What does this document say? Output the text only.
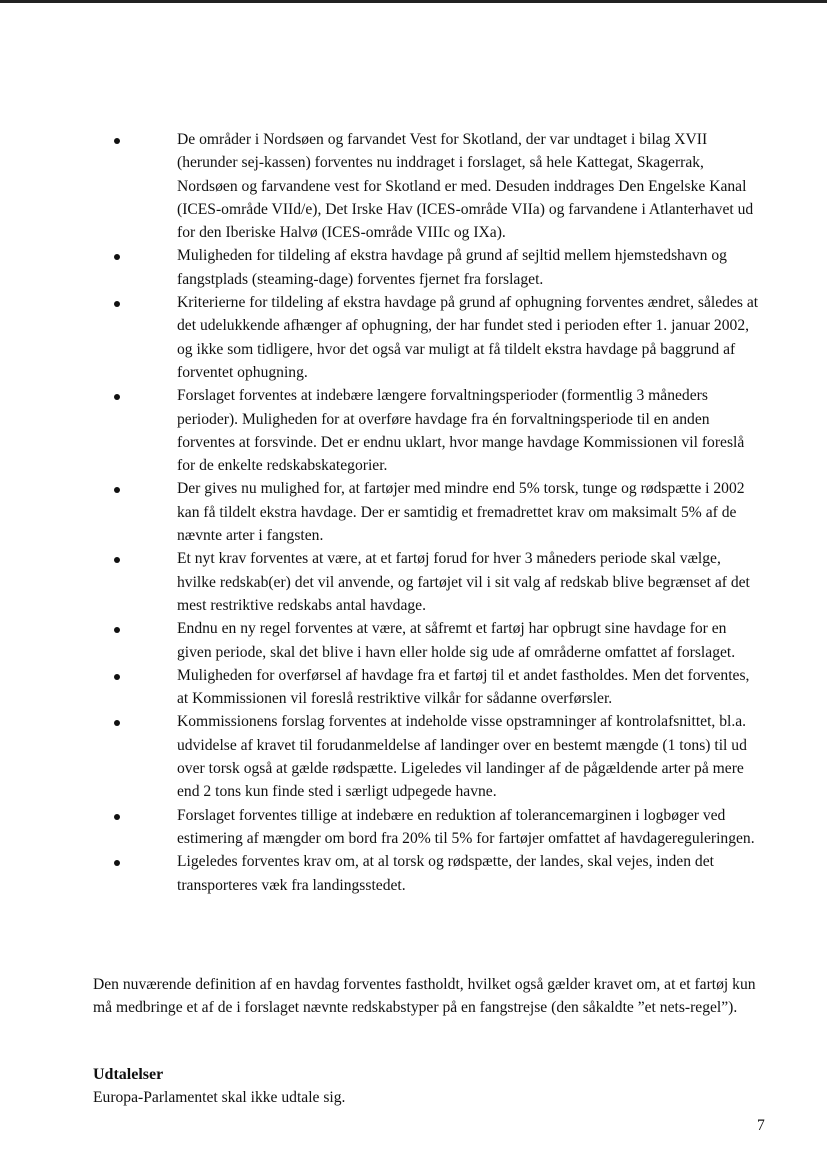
De områder i Nordsøen og farvandet Vest for Skotland, der var undtaget i bilag XVII (herunder sej-kassen) forventes nu inddraget i forslaget, så hele Kattegat, Skagerrak, Nordsøen og farvandene vest for Skotland er med. Desuden inddrages Den Engelske Kanal (ICES-område VIId/e), Det Irske Hav (ICES-område VIIa) og farvandene i Atlanterhavet ud for den Iberiske Halvø (ICES-område VIIIc og IXa).
Muligheden for tildeling af ekstra havdage på grund af sejltid mellem hjemstedshavn og fangstplads (steaming-dage) forventes fjernet fra forslaget.
Kriterierne for tildeling af ekstra havdage på grund af ophugning forventes ændret, således at det udelukkende afhænger af ophugning, der har fundet sted i perioden efter 1. januar 2002, og ikke som tidligere, hvor det også var muligt at få tildelt ekstra havdage på baggrund af forventet ophugning.
Forslaget forventes at indebære længere forvaltningsperioder (formentlig 3 måneders perioder). Muligheden for at overføre havdage fra én forvaltningsperiode til en anden forventes at forsvinde. Det er endnu uklart, hvor mange havdage Kommissionen vil foreslå for de enkelte redskabskategorier.
Der gives nu mulighed for, at fartøjer med mindre end 5% torsk, tunge og rødspætte i 2002 kan få tildelt ekstra havdage. Der er samtidig et fremadrettet krav om maksimalt 5% af de nævnte arter i fangsten.
Et nyt krav forventes at være, at et fartøj forud for hver 3 måneders periode skal vælge, hvilke redskab(er) det vil anvende, og fartøjet vil i sit valg af redskab blive begrænset af det mest restriktive redskabs antal havdage.
Endnu en ny regel forventes at være, at såfremt et fartøj har opbrugt sine havdage for en given periode, skal det blive i havn eller holde sig ude af områderne omfattet af forslaget.
Muligheden for overførsel af havdage fra et fartøj til et andet fastholdes. Men det forventes, at Kommissionen vil foreslå restriktive vilkår for sådanne overførsler.
Kommissionens forslag forventes at indeholde visse opstramninger af kontrolafsnittet, bl.a. udvidelse af kravet til forudanmeldelse af landinger over en bestemt mængde (1 tons) til ud over torsk også at gælde rødspætte. Ligeledes vil landinger af de pågældende arter på mere end 2 tons kun finde sted i særligt udpegede havne.
Forslaget forventes tillige at indebære en reduktion af tolerancemarginen i logbøger ved estimering af mængder om bord fra 20% til 5% for fartøjer omfattet af havdagereguleringen.
Ligeledes forventes krav om, at al torsk og rødspætte, der landes, skal vejes, inden det transporteres væk fra landingsstedet.

Den nuværende definition af en havdag forventes fastholdt, hvilket også gælder kravet om, at et fartøj kun må medbringe et af de i forslaget nævnte redskabstyper på en fangstrejse (den såkaldte ”et nets-regel”).

Udtalelser

Europa-Parlamentet skal ikke udtale sig.

7
